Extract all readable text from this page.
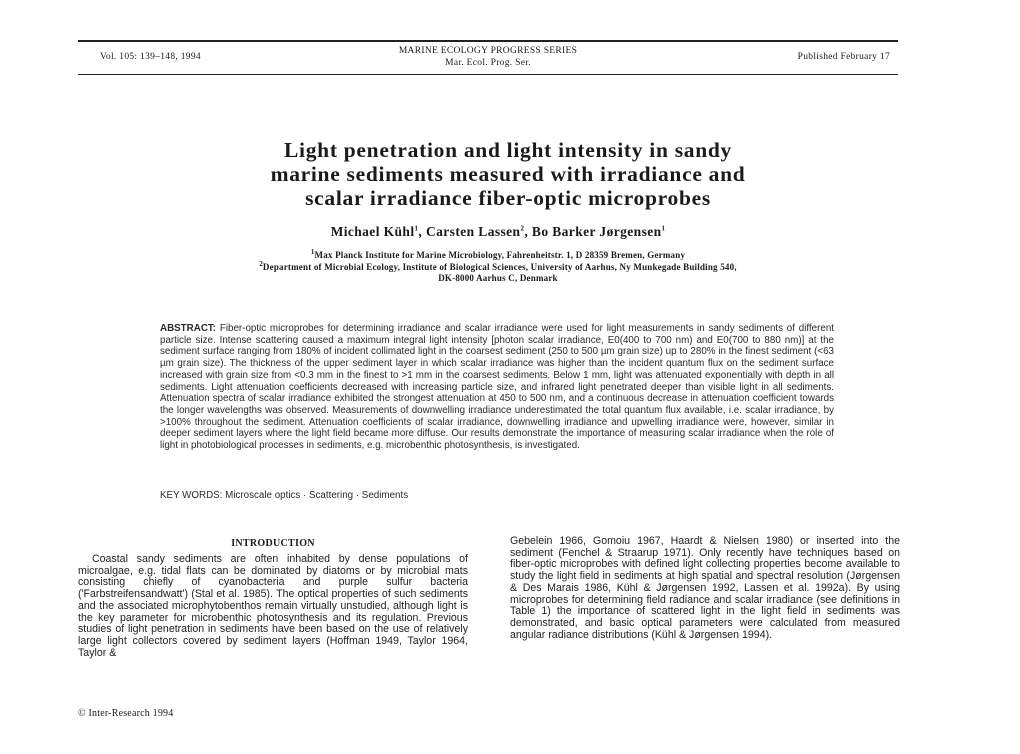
Vol. 105: 139–148, 1994
MARINE ECOLOGY PROGRESS SERIES
Mar. Ecol. Prog. Ser.
Published February 17
Light penetration and light intensity in sandy
marine sediments measured with irradiance and
scalar irradiance fiber-optic microprobes
Michael Kühl$^1$, Carsten Lassen$^2$, Bo Barker Jørgensen$^1$
$^1$Max Planck Institute for Marine Microbiology, Fahrenheitstr. 1, D 28359 Bremen, Germany
$^2$Department of Microbial Ecology, Institute of Biological Sciences, University of Aarhus, Ny Munkegade Building 540,
DK-8000 Aarhus C, Denmark
ABSTRACT: Fiber-optic microprobes for determining irradiance and scalar irradiance were used for light measurements in sandy sediments of different particle size. Intense scattering caused a maximum integral light intensity [photon scalar irradiance, E0(400 to 700 nm) and E0(700 to 880 nm)] at the sediment surface ranging from 180% of incident collimated light in the coarsest sediment (250 to 500 µm grain size) up to 280% in the finest sediment (<63 µm grain size). The thickness of the upper sediment layer in which scalar irradiance was higher than the incident quantum flux on the sediment surface increased with grain size from <0.3 mm in the finest to >1 mm in the coarsest sediments. Below 1 mm, light was attenuated exponentially with depth in all sediments. Light attenuation coefficients decreased with increasing particle size, and infrared light penetrated deeper than visible light in all sediments. Attenuation spectra of scalar irradiance exhibited the strongest attenuation at 450 to 500 nm, and a continuous decrease in attenuation coefficient towards the longer wavelengths was observed. Measurements of downwelling irradiance underestimated the total quantum flux available, i.e. scalar irradiance, by >100% throughout the sediment. Attenuation coefficients of scalar irradiance, downwelling irradiance and upwelling irradiance were, however, similar in deeper sediment layers where the light field became more diffuse. Our results demonstrate the importance of measuring scalar irradiance when the role of light in photobiological processes in sediments, e.g. microbenthic photosynthesis, is investigated.
KEY WORDS: Microscale optics · Scattering · Sediments
INTRODUCTION

Coastal sandy sediments are often inhabited by dense populations of microalgae, e.g. tidal flats can be dominated by diatoms or by microbial mats consisting chiefly of cyanobacteria and purple sulfur bacteria ('Farbstreifensandwatt') (Stal et al. 1985). The optical properties of such sediments and the associated microphytobenthos remain virtually unstudied, although light is the key parameter for microbenthic photosynthesis and its regulation. Previous studies of light penetration in sediments have been based on the use of relatively large light collectors covered by sediment layers (Hoffman 1949, Taylor 1964, Taylor &

Gebelein 1966, Gomoiu 1967, Haardt & Nielsen 1980) or inserted into the sediment (Fenchel & Straarup 1971). Only recently have techniques based on fiber-optic microprobes with defined light collecting properties become available to study the light field in sediments at high spatial and spectral resolution (Jørgensen & Des Marais 1986, Kühl & Jørgensen 1992, Lassen et al. 1992a). By using microprobes for determining field radiance and scalar irradiance (see definitions in Table 1) the importance of scattered light in the light field in sediments was demonstrated, and basic optical parameters were calculated from measured angular radiance distributions (Kühl & Jørgensen 1994).

© Inter-Research 1994
